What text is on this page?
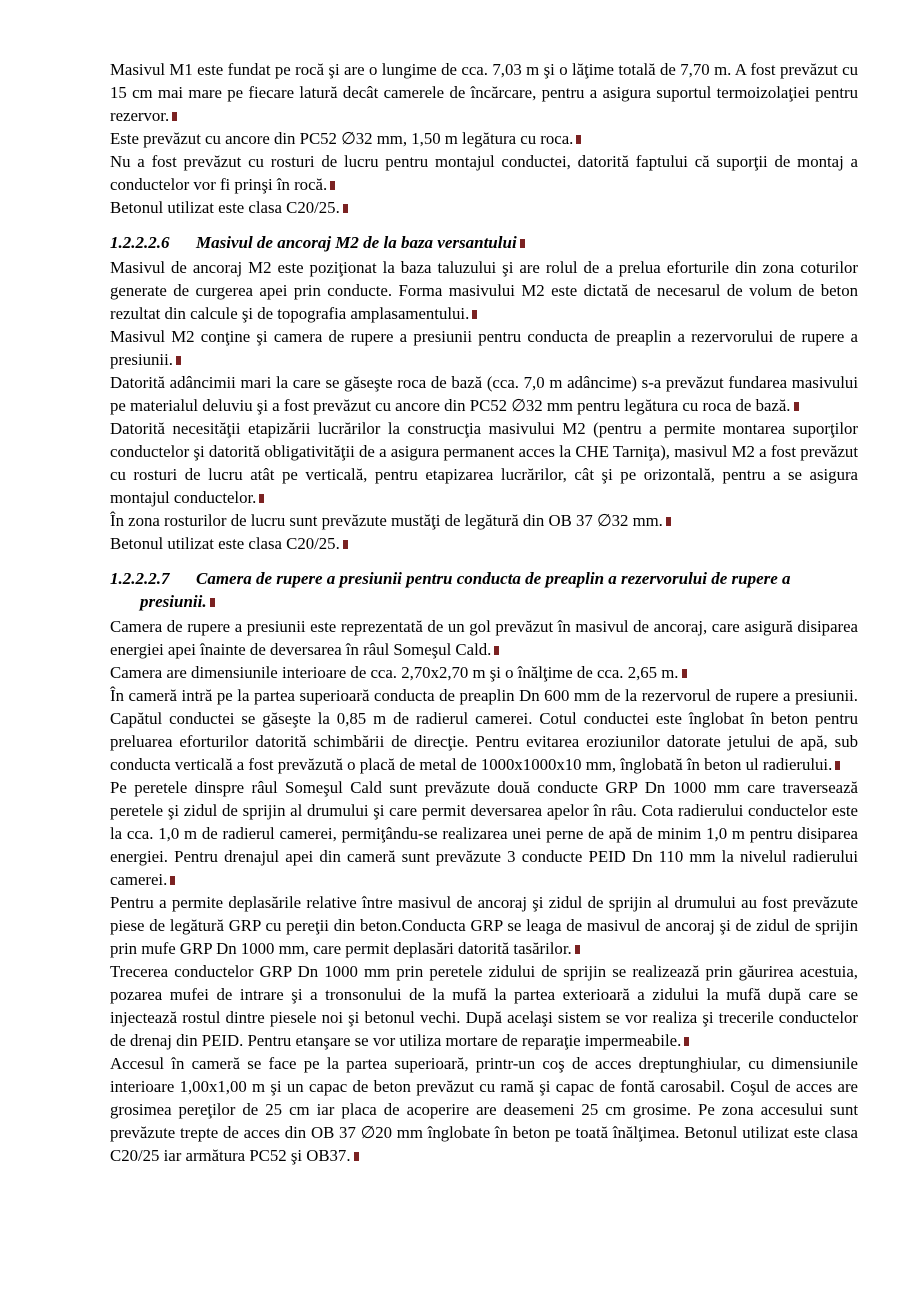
Masivul M1 este fundat pe rocă şi are o lungime de cca. 7,03 m şi o lăţime totală de 7,70 m. A fost prevăzut cu 15 cm mai mare pe fiecare latură decât camerele de încărcare, pentru a asigura suportul termoizolaţiei pentru rezervor.

Este prevăzut cu ancore din PC52 ∅32 mm, 1,50 m legătura cu roca.

Nu a fost prevăzut cu rosturi de lucru pentru montajul conductei, datorită faptului că suporţii de montaj a conductelor vor fi prinşi în rocă.

Betonul utilizat este clasa C20/25.

1.2.2.2.6 Masivul de ancoraj M2 de la baza versantului

Masivul de ancoraj M2 este poziţionat la baza taluzului şi are rolul de a prelua eforturile din zona coturilor generate de curgerea apei prin conducte. Forma masivului M2 este dictată de necesarul de volum de beton rezultat din calcule şi de topografia amplasamentului.

Masivul M2 conţine şi camera de rupere a presiunii pentru conducta de preaplin a rezervorului de rupere a presiunii.

Datorită adâncimii mari la care se găseşte roca de bază (cca. 7,0 m adâncime) s-a prevăzut fundarea masivului pe materialul deluviu şi a fost prevăzut cu ancore din PC52 ∅32 mm pentru legătura cu roca de bază.

Datorită necesităţii etapizării lucrărilor la construcţia masivului M2 (pentru a permite montarea suporţilor conductelor şi datorită obligativităţii de a asigura permanent acces la CHE Tarniţa), masivul M2 a fost prevăzut cu rosturi de lucru atât pe verticală, pentru etapizarea lucrărilor, cât şi pe orizontală, pentru a se asigura montajul conductelor.

În zona rosturilor de lucru sunt prevăzute mustăţi de legătură din OB 37 ∅32 mm.

Betonul utilizat este clasa C20/25.

1.2.2.2.7 Camera de rupere a presiunii pentru conducta de preaplin a rezervorului de rupere a presiunii.

Camera de rupere a presiunii este reprezentată de un gol prevăzut în masivul de ancoraj, care asigură disiparea energiei apei înainte de deversarea în râul Someşul Cald.

Camera are dimensiunile interioare de cca. 2,70x2,70 m şi o înălţime de cca. 2,65 m.

În cameră intră pe la partea superioară conducta de preaplin Dn 600 mm de la rezervorul de rupere a presiunii. Capătul conductei se găseşte la 0,85 m de radierul camerei. Cotul conductei este înglobat în beton pentru preluarea eforturilor datorită schimbării de direcţie. Pentru evitarea eroziunilor datorate jetului de apă, sub conducta verticală a fost prevăzută o placă de metal de 1000x1000x10 mm, înglobată în beton ul radierului.

Pe peretele dinspre râul Someşul Cald sunt prevăzute două conducte GRP Dn 1000 mm care traversează peretele şi zidul de sprijin al drumului şi care permit deversarea apelor în râu. Cota radierului conductelor este la cca. 1,0 m de radierul camerei, permiţându-se realizarea unei perne de apă de minim 1,0 m pentru disiparea energiei. Pentru drenajul apei din cameră sunt prevăzute 3 conducte PEID Dn 110 mm la nivelul radierului camerei.

Pentru a permite deplasările relative între masivul de ancoraj şi zidul de sprijin al drumului au fost prevăzute piese de legătură GRP cu pereţii din beton.Conducta GRP se leaga de masivul de ancoraj şi de zidul de sprijin prin mufe GRP Dn 1000 mm, care permit deplasări datorită tasărilor.

Trecerea conductelor GRP Dn 1000 mm prin peretele zidului de sprijin se realizează prin găurirea acestuia, pozarea mufei de intrare şi a tronsonului de la mufă la partea exterioară a zidului la mufă după care se injectează rostul dintre piesele noi şi betonul vechi. După acelaşi sistem se vor realiza şi trecerile conductelor de drenaj din PEID. Pentru etanşare se vor utiliza mortare de reparaţie impermeabile.

Accesul în cameră se face pe la partea superioară, printr-un coş de acces dreptunghiular, cu dimensiunile interioare 1,00x1,00 m şi un capac de beton prevăzut cu ramă şi capac de fontă carosabil. Coşul de acces are grosimea pereţilor de 25 cm iar placa de acoperire are deasemeni 25 cm grosime. Pe zona accesului sunt prevăzute trepte de acces din OB 37 ∅20 mm înglobate în beton pe toată înălţimea. Betonul utilizat este clasa C20/25 iar armătura PC52 şi OB37.
